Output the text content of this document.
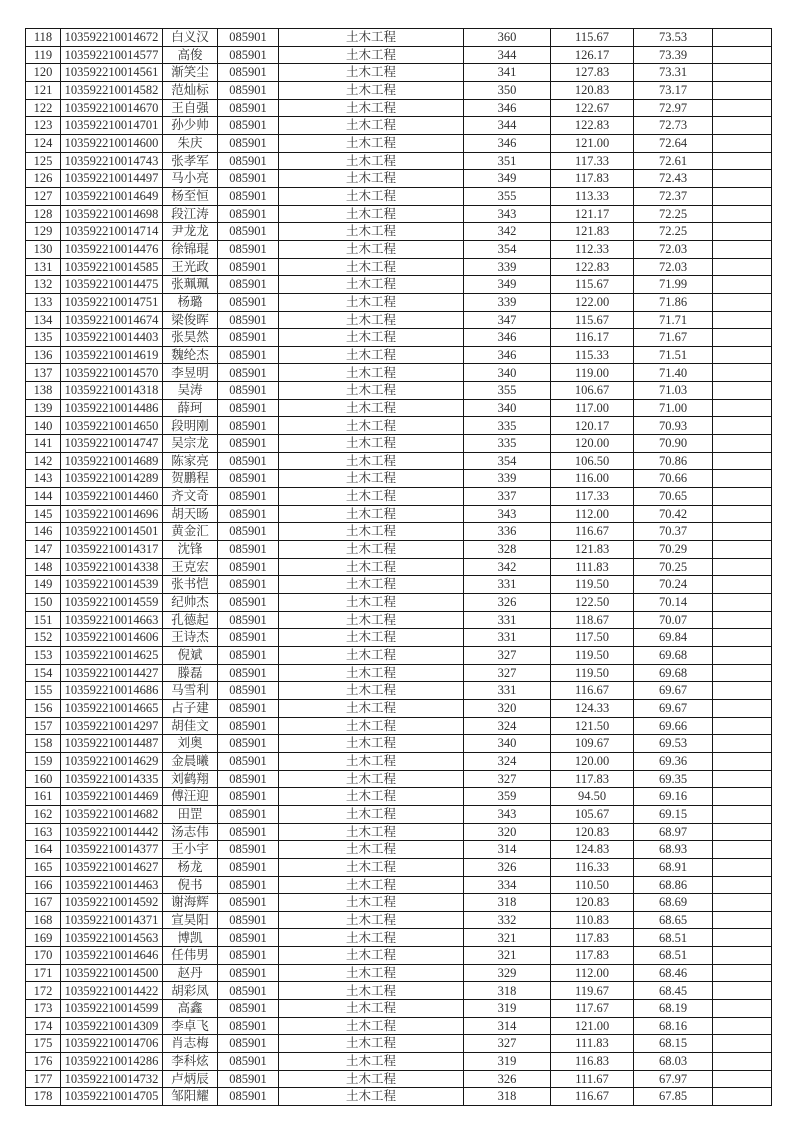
118	103592210014672	白义汉	085901	土木工程	360	115.67	73.53	
119	103592210014577	高俊	085901	土木工程	344	126.17	73.39	
120	103592210014561	渐笑尘	085901	土木工程	341	127.83	73.31	
121	103592210014582	范灿标	085901	土木工程	350	120.83	73.17	
122	103592210014670	王自强	085901	土木工程	346	122.67	72.97	
123	103592210014701	孙少帅	085901	土木工程	344	122.83	72.73	
124	103592210014600	朱庆	085901	土木工程	346	121.00	72.64	
125	103592210014743	张孝军	085901	土木工程	351	117.33	72.61	
126	103592210014497	马小亮	085901	土木工程	349	117.83	72.43	
127	103592210014649	杨至恒	085901	土木工程	355	113.33	72.37	
128	103592210014698	段江涛	085901	土木工程	343	121.17	72.25	
129	103592210014714	尹龙龙	085901	土木工程	342	121.83	72.25	
130	103592210014476	徐锦琨	085901	土木工程	354	112.33	72.03	
131	103592210014585	王光政	085901	土木工程	339	122.83	72.03	
132	103592210014475	张珮珮	085901	土木工程	349	115.67	71.99	
133	103592210014751	杨璐	085901	土木工程	339	122.00	71.86	
134	103592210014674	梁俊晖	085901	土木工程	347	115.67	71.71	
135	103592210014403	张昊然	085901	土木工程	346	116.17	71.67	
136	103592210014619	魏纶杰	085901	土木工程	346	115.33	71.51	
137	103592210014570	李昱明	085901	土木工程	340	119.00	71.40	
138	103592210014318	吴涛	085901	土木工程	355	106.67	71.03	
139	103592210014486	薛珂	085901	土木工程	340	117.00	71.00	
140	103592210014650	段明刚	085901	土木工程	335	120.17	70.93	
141	103592210014747	吴宗龙	085901	土木工程	335	120.00	70.90	
142	103592210014689	陈家亮	085901	土木工程	354	106.50	70.86	
143	103592210014289	贺鹏程	085901	土木工程	339	116.00	70.66	
144	103592210014460	齐文奇	085901	土木工程	337	117.33	70.65	
145	103592210014696	胡天旸	085901	土木工程	343	112.00	70.42	
146	103592210014501	黄金汇	085901	土木工程	336	116.67	70.37	
147	103592210014317	沈锋	085901	土木工程	328	121.83	70.29	
148	103592210014338	王克宏	085901	土木工程	342	111.83	70.25	
149	103592210014539	张书恺	085901	土木工程	331	119.50	70.24	
150	103592210014559	纪帅杰	085901	土木工程	326	122.50	70.14	
151	103592210014663	孔德起	085901	土木工程	331	118.67	70.07	
152	103592210014606	王诗杰	085901	土木工程	331	117.50	69.84	
153	103592210014625	倪斌	085901	土木工程	327	119.50	69.68	
154	103592210014427	滕磊	085901	土木工程	327	119.50	69.68	
155	103592210014686	马雪利	085901	土木工程	331	116.67	69.67	
156	103592210014665	占子建	085901	土木工程	320	124.33	69.67	
157	103592210014297	胡佳文	085901	土木工程	324	121.50	69.66	
158	103592210014487	刘奥	085901	土木工程	340	109.67	69.53	
159	103592210014629	金晨曦	085901	土木工程	324	120.00	69.36	
160	103592210014335	刘鹤翔	085901	土木工程	327	117.83	69.35	
161	103592210014469	傅汪迎	085901	土木工程	359	94.50	69.16	
162	103592210014682	田罡	085901	土木工程	343	105.67	69.15	
163	103592210014442	汤志伟	085901	土木工程	320	120.83	68.97	
164	103592210014377	王小宇	085901	土木工程	314	124.83	68.93	
165	103592210014627	杨龙	085901	土木工程	326	116.33	68.91	
166	103592210014463	倪书	085901	土木工程	334	110.50	68.86	
167	103592210014592	谢海辉	085901	土木工程	318	120.83	68.69	
168	103592210014371	宣昊阳	085901	土木工程	332	110.83	68.65	
169	103592210014563	博凯	085901	土木工程	321	117.83	68.51	
170	103592210014646	任伟男	085901	土木工程	321	117.83	68.51	
171	103592210014500	赵丹	085901	土木工程	329	112.00	68.46	
172	103592210014422	胡彩凤	085901	土木工程	318	119.67	68.45	
173	103592210014599	高鑫	085901	土木工程	319	117.67	68.19	
174	103592210014309	李卓飞	085901	土木工程	314	121.00	68.16	
175	103592210014706	肖志梅	085901	土木工程	327	111.83	68.15	
176	103592210014286	李科炫	085901	土木工程	319	116.83	68.03	
177	103592210014732	卢炳辰	085901	土木工程	326	111.67	67.97	
178	103592210014705	邹阳耀	085901	土木工程	318	116.67	67.85	
